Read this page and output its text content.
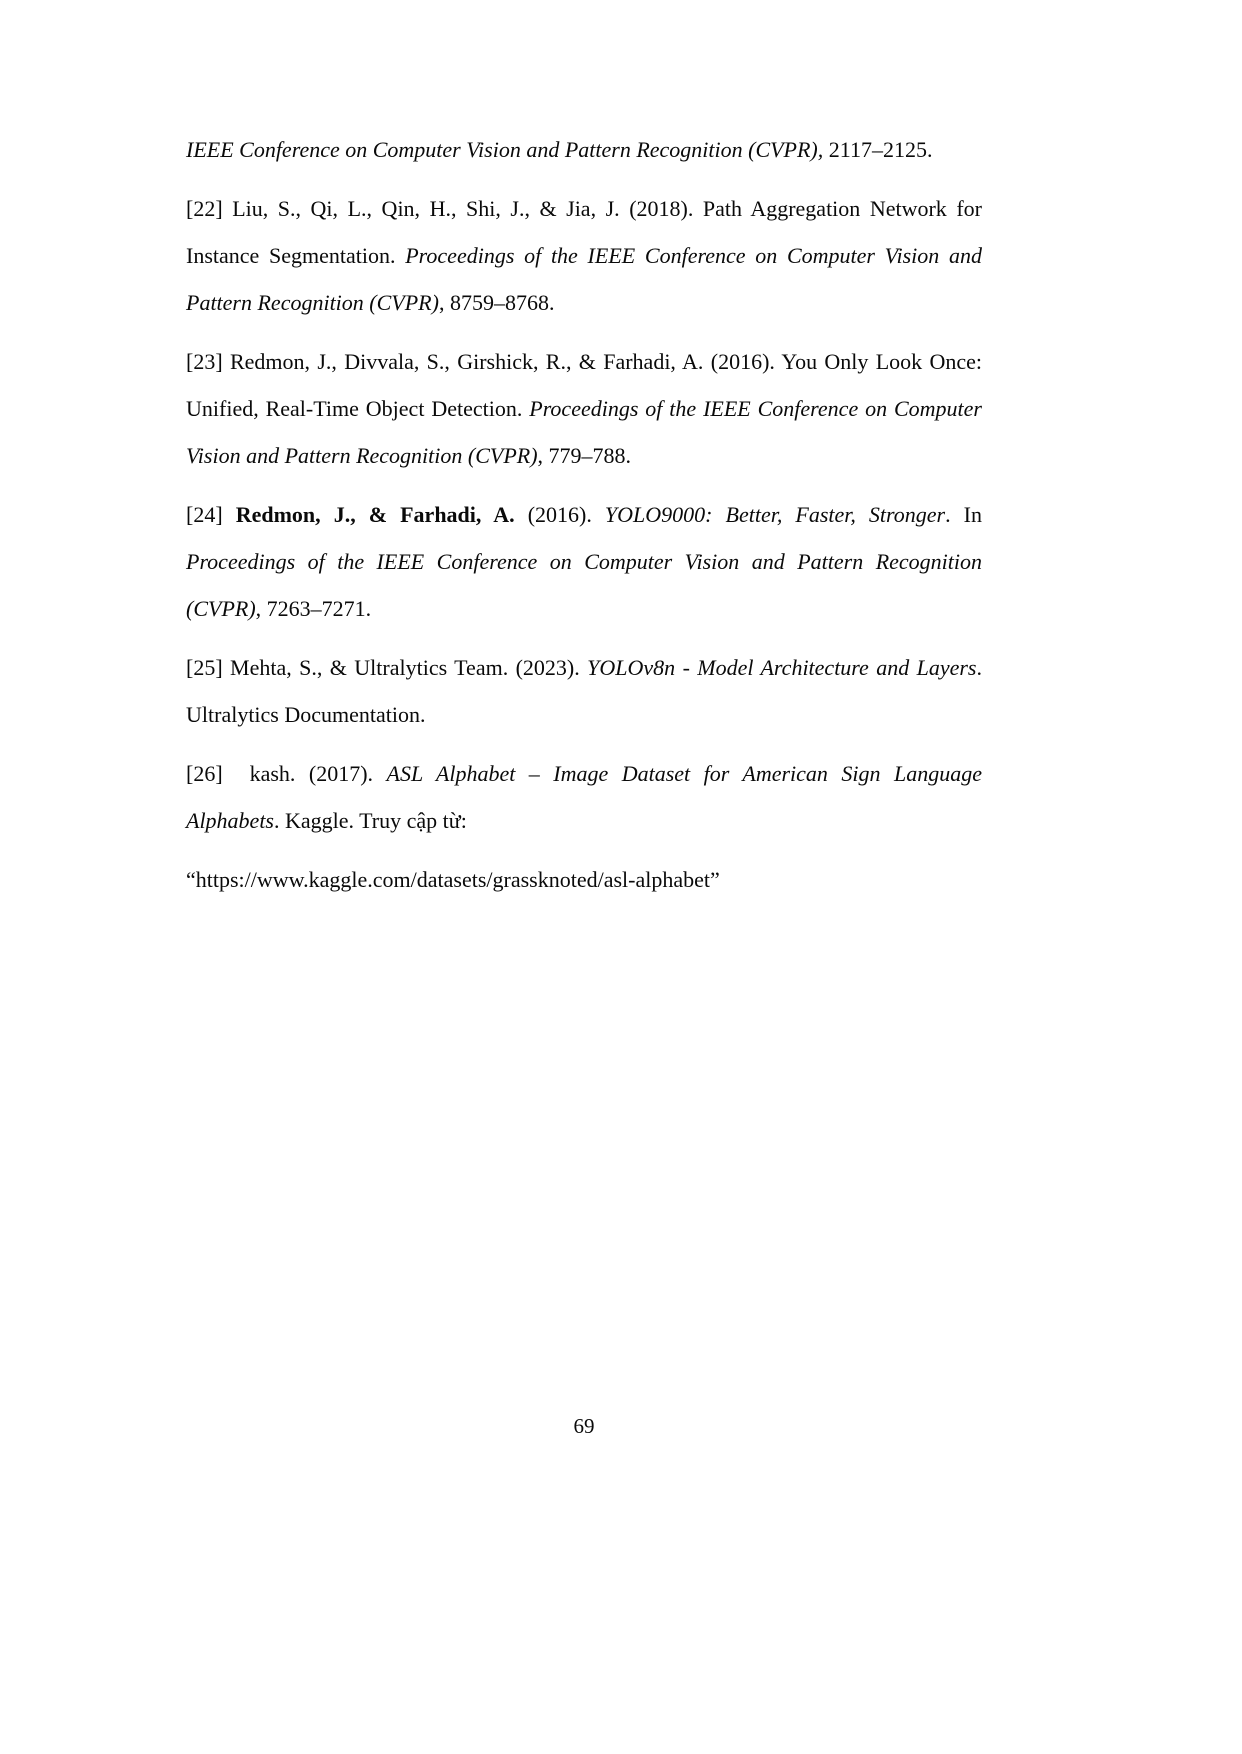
IEEE Conference on Computer Vision and Pattern Recognition (CVPR), 2117–2125.

[22] Liu, S., Qi, L., Qin, H., Shi, J., & Jia, J. (2018). Path Aggregation Network for Instance Segmentation. Proceedings of the IEEE Conference on Computer Vision and Pattern Recognition (CVPR), 8759–8768.

[23] Redmon, J., Divvala, S., Girshick, R., & Farhadi, A. (2016). You Only Look Once: Unified, Real-Time Object Detection. Proceedings of the IEEE Conference on Computer Vision and Pattern Recognition (CVPR), 779–788.

[24] Redmon, J., & Farhadi, A. (2016). YOLO9000: Better, Faster, Stronger. In Proceedings of the IEEE Conference on Computer Vision and Pattern Recognition (CVPR), 7263–7271.

[25] Mehta, S., & Ultralytics Team. (2023). YOLOv8n - Model Architecture and Layers. Ultralytics Documentation.

[26]  kash. (2017). ASL Alphabet – Image Dataset for American Sign Language Alphabets. Kaggle. Truy cập từ:

“https://www.kaggle.com/datasets/grassknoted/asl-alphabet”

69
